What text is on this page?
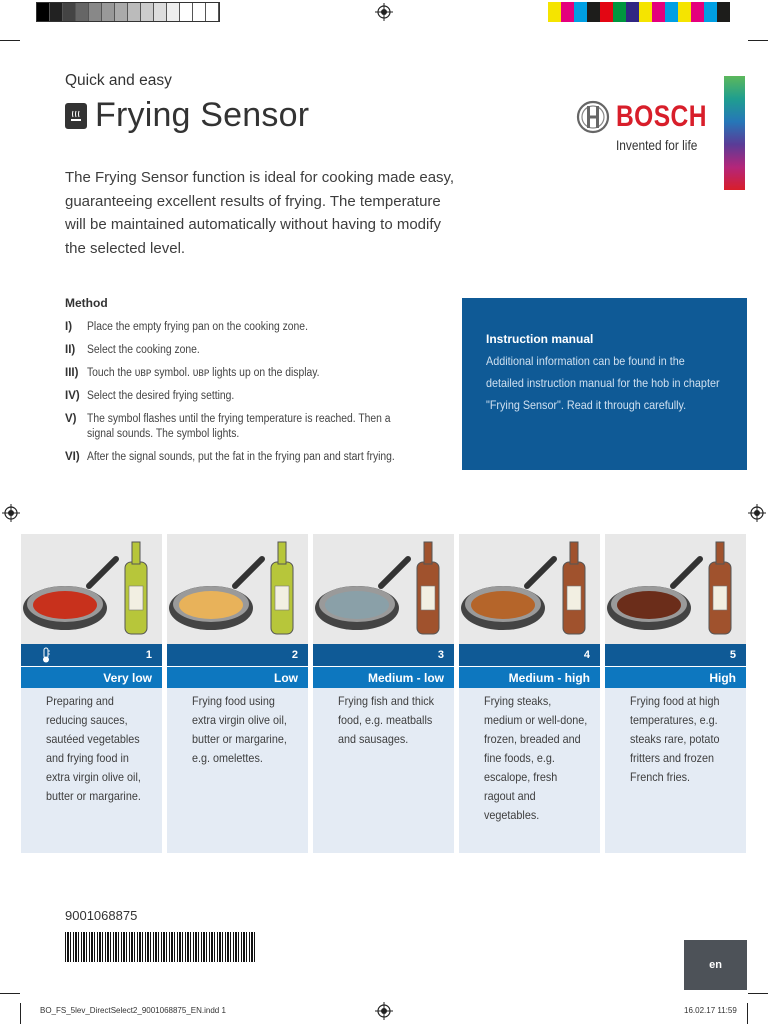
Quick and easy
Frying Sensor	BOSCH
Invented for life
The Frying Sensor function is ideal for cooking made easy, guaranteeing excellent results of frying. The temperature will be maintained automatically without having to modify the selected level.
Method
I)	Place the empty frying pan on the cooking zone.
II)	Select the cooking zone.
III) Touch the ᴜʙᴘ symbol. ᴜʙᴘ lights up on the display.
IV) Select the desired frying setting.
V) The symbol flashes until the frying temperature is reached. Then a signal sounds. The symbol lights.
VI) After the signal sounds, put the fat in the frying pan and start frying.
Instruction manual
Additional information can be found in the detailed instruction manual for the hob in chapter "Frying Sensor". Read it through carefully.
1
Very low
Preparing and reducing sauces, sautéed vegetables and frying food in extra virgin olive oil, butter or margarine.
2
Low
Frying food using extra virgin olive oil, butter or margarine, e.g. omelettes.
3
Medium - low
Frying fish and thick food, e.g. meatballs and sausages.
4
Medium - high
Frying steaks, medium or well-done, frozen, breaded and fine foods, e.g. escalope, fresh ragout and vegetables.
5
High
Frying food at high temperatures, e.g. steaks rare, potato fritters and frozen French fries.
9001068875
en
BO_FS_5lev_DirectSelect2_9001068875_EN.indd 1	16.02.17 11:59
